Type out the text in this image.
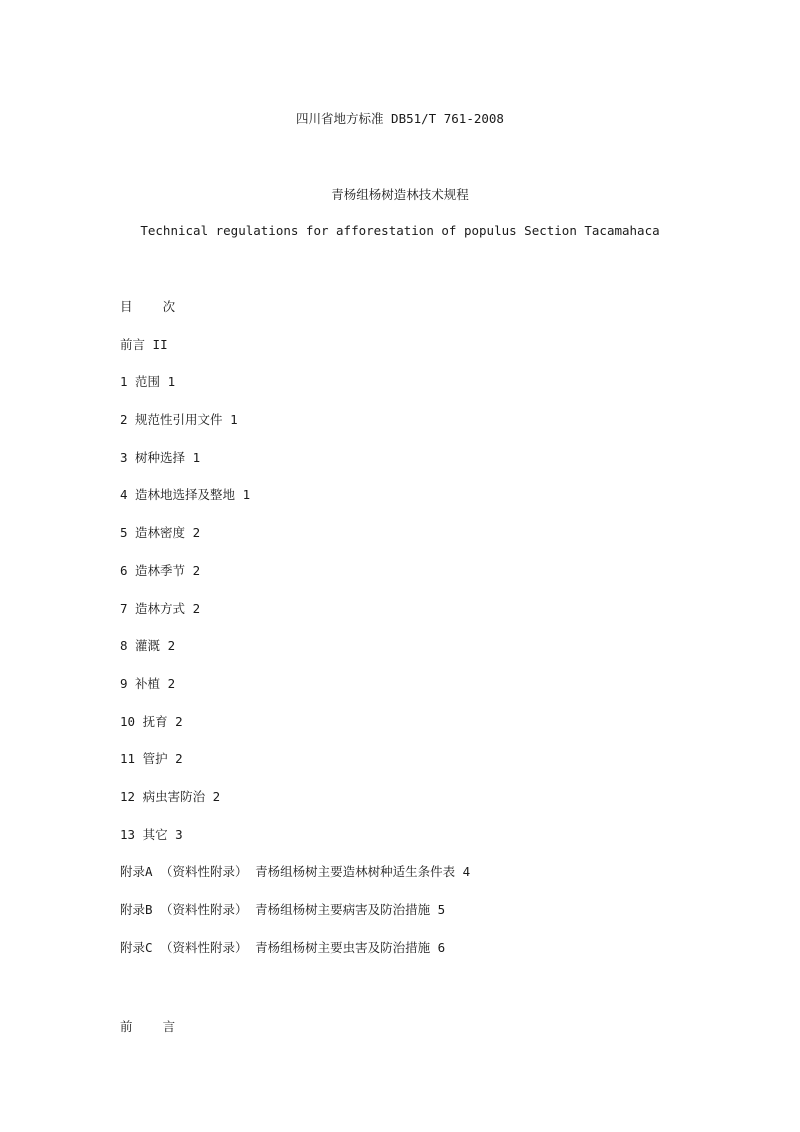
四川省地方标准 DB51/T 761-2008
青杨组杨树造林技术规程
Technical regulations for afforestation of populus Section Tacamahaca
目    次
前言 II
1 范围 1
2 规范性引用文件 1
3 树种选择 1
4 造林地选择及整地 1
5 造林密度 2
6 造林季节 2
7 造林方式 2
8 灌溉 2
9 补植 2
10 抚育 2
11 管护 2
12 病虫害防治 2
13 其它 3
附录A （资料性附录） 青杨组杨树主要造林树种适生条件表 4
附录B （资料性附录） 青杨组杨树主要病害及防治措施 5
附录C （资料性附录） 青杨组杨树主要虫害及防治措施 6
前    言
